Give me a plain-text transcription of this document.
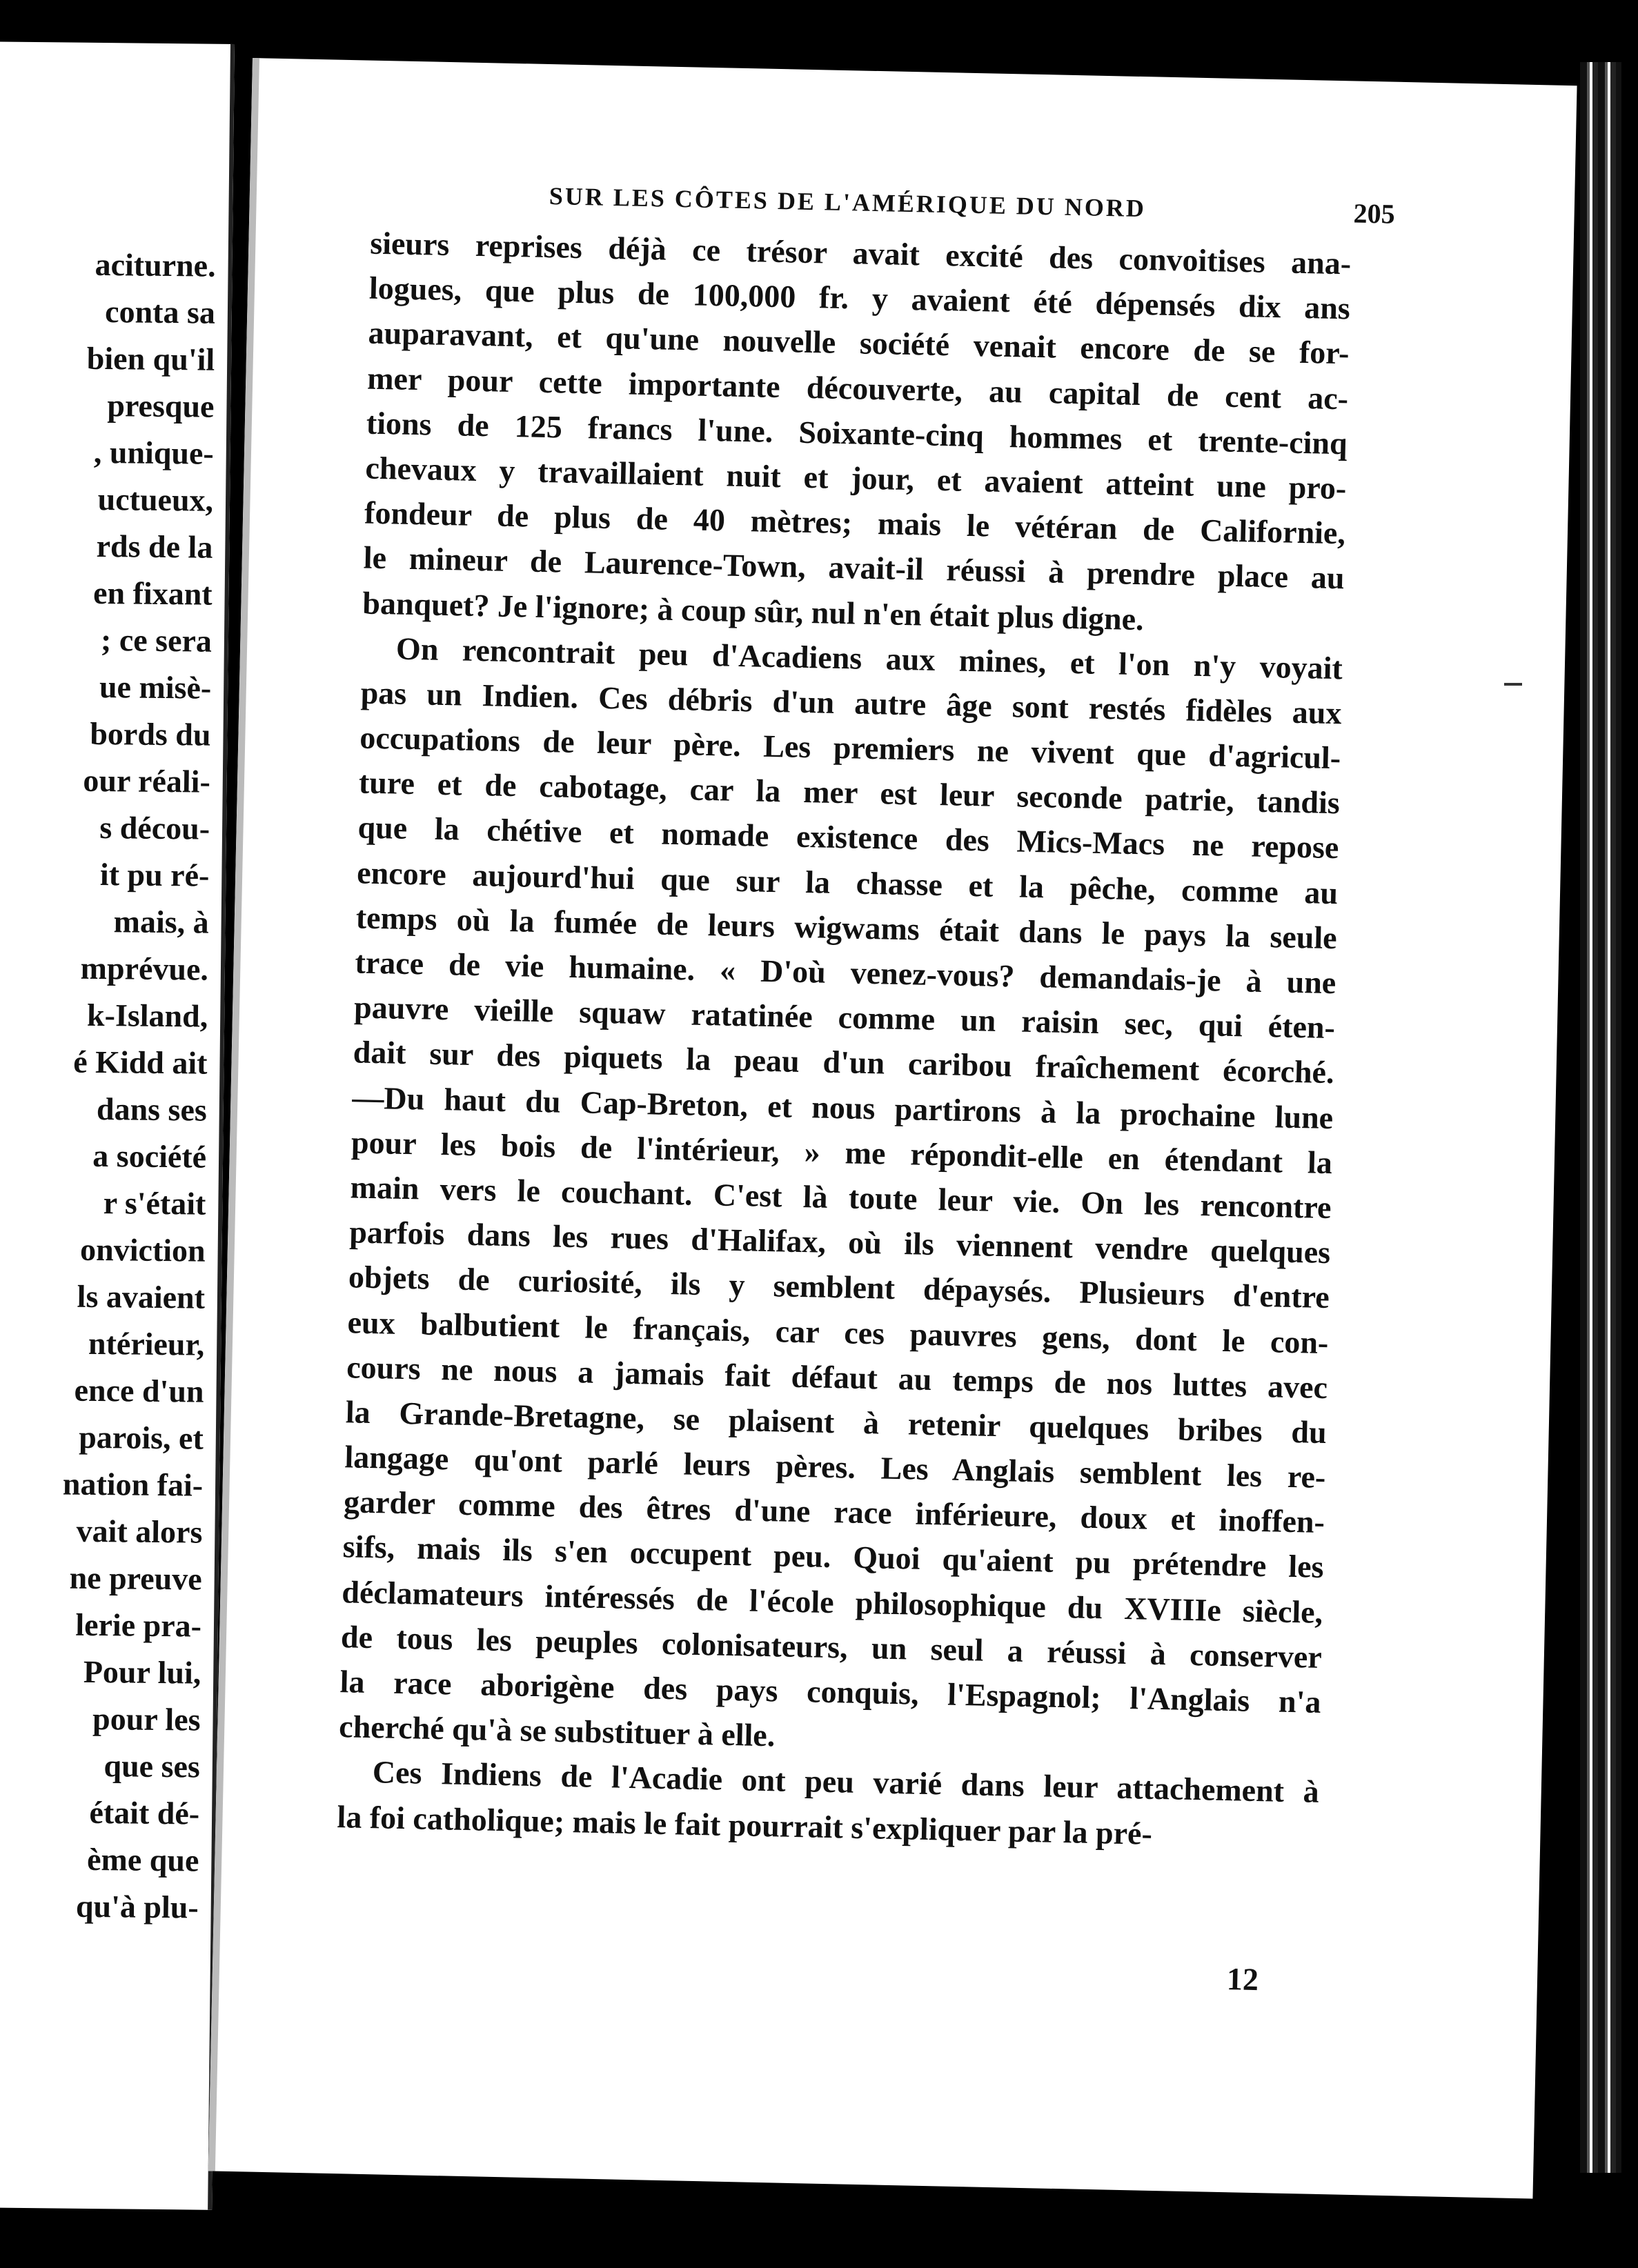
aciturne.
conta sa
bien qu'il
presque
, unique-
uctueux,
rds de la
en fixant
; ce sera
ue misè-
bords du
our réali-
s décou-
it pu ré-
mais, à
mprévue.
k-Island,
é Kidd ait
dans ses
a société
r s'était
onviction
ls avaient
ntérieur,
ence d'un
parois, et
nation fai-
vait alors
ne preuve
lerie pra-
Pour lui,
pour les
que ses
était dé-
ème que
qu'à plu-
SUR LES CÔTES DE L'AMÉRIQUE DU NORD	205
sieurs reprises déjà ce trésor avait excité des convoitises ana-
logues, que plus de 100,000 fr. y avaient été dépensés dix ans
auparavant, et qu'une nouvelle société venait encore de se for-
mer pour cette importante découverte, au capital de cent ac-
tions de 125 francs l'une. Soixante-cinq hommes et trente-cinq
chevaux y travaillaient nuit et jour, et avaient atteint une pro-
fondeur de plus de 40 mètres; mais le vétéran de Californie,
le mineur de Laurence-Town, avait-il réussi à prendre place au
banquet? Je l'ignore; à coup sûr, nul n'en était plus digne.
On rencontrait peu d'Acadiens aux mines, et l'on n'y voyait
pas un Indien. Ces débris d'un autre âge sont restés fidèles aux
occupations de leur père. Les premiers ne vivent que d'agricul-
ture et de cabotage, car la mer est leur seconde patrie, tandis
que la chétive et nomade existence des Mics-Macs ne repose
encore aujourd'hui que sur la chasse et la pêche, comme au
temps où la fumée de leurs wigwams était dans le pays la seule
trace de vie humaine. « D'où venez-vous? demandais-je à une
pauvre vieille squaw ratatinée comme un raisin sec, qui éten-
dait sur des piquets la peau d'un caribou fraîchement écorché.
—Du haut du Cap-Breton, et nous partirons à la prochaine lune
pour les bois de l'intérieur, » me répondit-elle en étendant la
main vers le couchant. C'est là toute leur vie. On les rencontre
parfois dans les rues d'Halifax, où ils viennent vendre quelques
objets de curiosité, ils y semblent dépaysés. Plusieurs d'entre
eux balbutient le français, car ces pauvres gens, dont le con-
cours ne nous a jamais fait défaut au temps de nos luttes avec
la Grande-Bretagne, se plaisent à retenir quelques bribes du
langage qu'ont parlé leurs pères. Les Anglais semblent les re-
garder comme des êtres d'une race inférieure, doux et inoffen-
sifs, mais ils s'en occupent peu. Quoi qu'aient pu prétendre les
déclamateurs intéressés de l'école philosophique du XVIIIe siècle,
de tous les peuples colonisateurs, un seul a réussi à conserver
la race aborigène des pays conquis, l'Espagnol; l'Anglais n'a
cherché qu'à se substituer à elle.
Ces Indiens de l'Acadie ont peu varié dans leur attachement à
la foi catholique; mais le fait pourrait s'expliquer par la pré-
12
